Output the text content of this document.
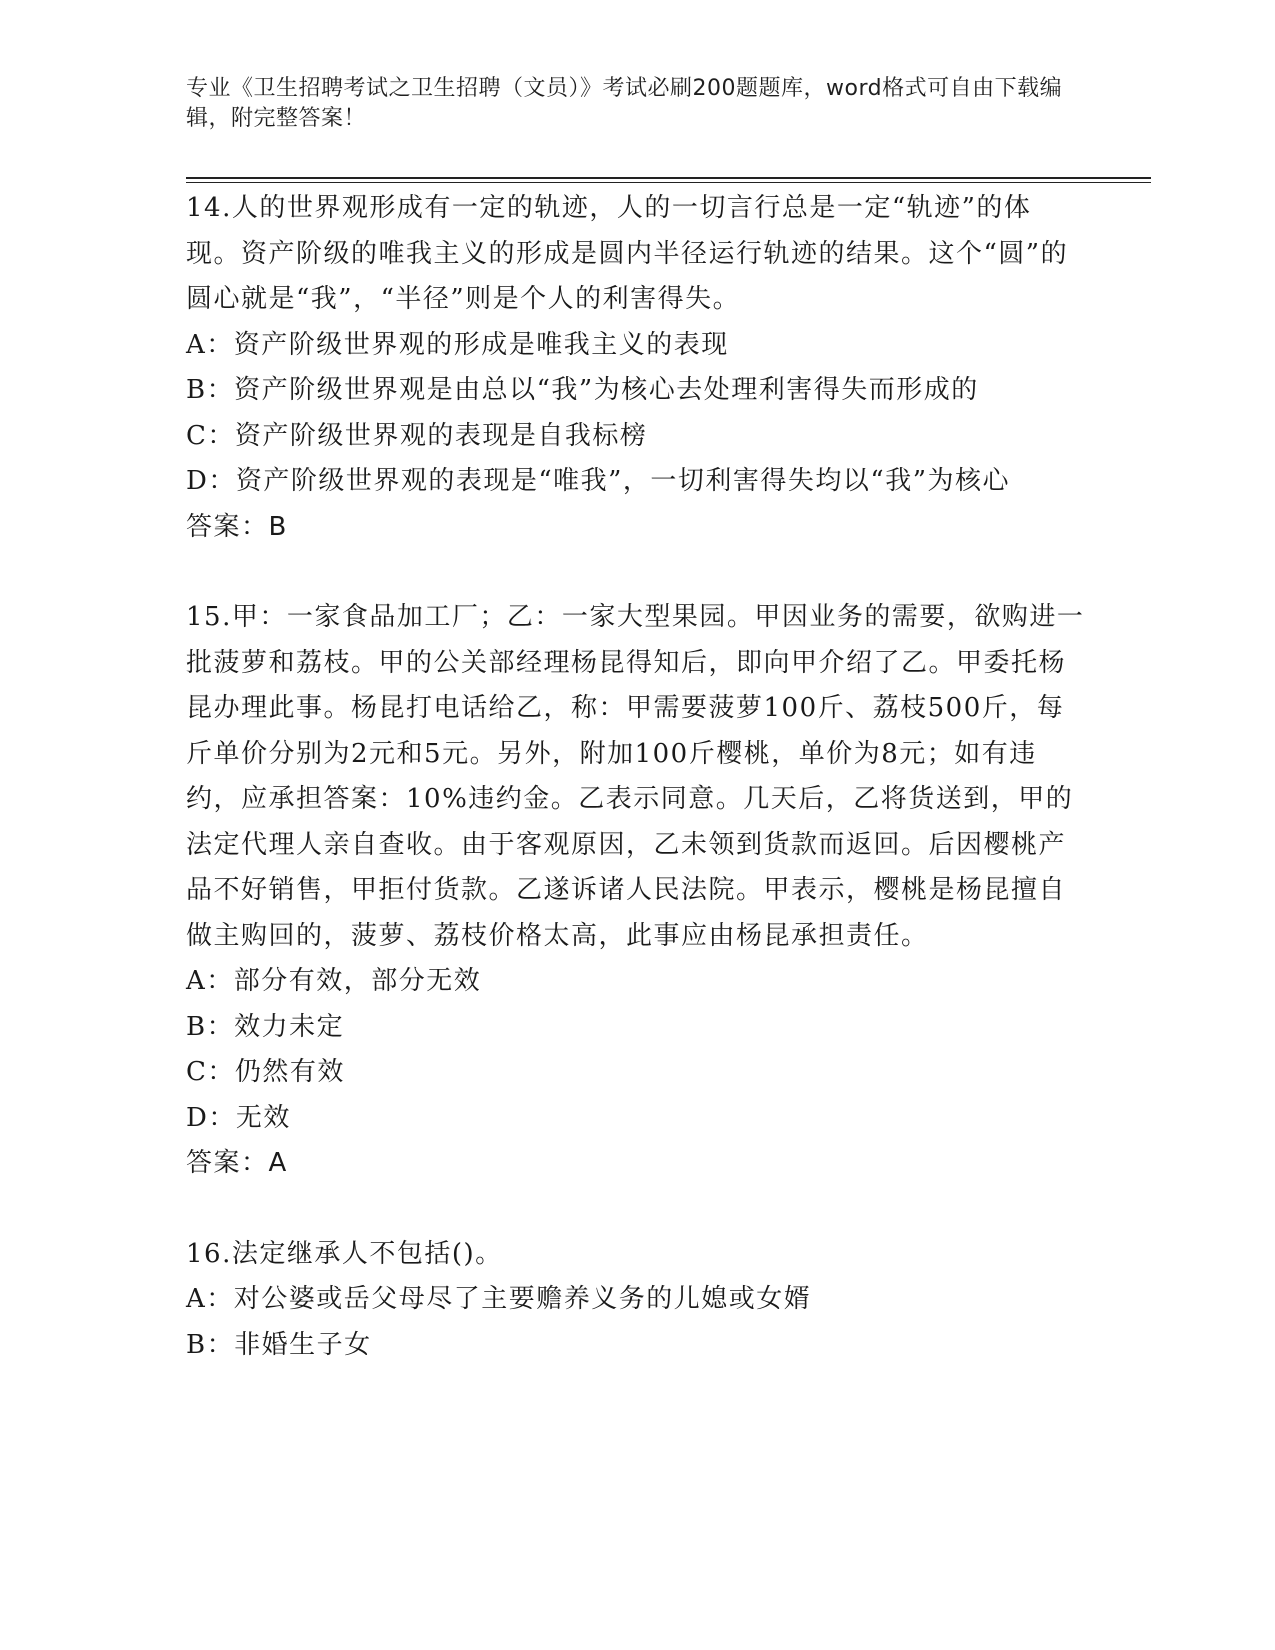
专业《卫生招聘考试之卫生招聘（文员）》考试必刷200题题库，word格式可自由下载编辑，附完整答案！

14.人的世界观形成有一定的轨迹，人的一切言行总是一定“轨迹”的体现。资产阶级的唯我主义的形成是圆内半径运行轨迹的结果。这个“圆”的圆心就是“我”，“半径”则是个人的利害得失。

A：资产阶级世界观的形成是唯我主义的表现

B：资产阶级世界观是由总以“我”为核心去处理利害得失而形成的

C：资产阶级世界观的表现是自我标榜

D：资产阶级世界观的表现是“唯我”，一切利害得失均以“我”为核心

答案：B

15.甲：一家食品加工厂；乙：一家大型果园。甲因业务的需要，欲购进一批菠萝和荔枝。甲的公关部经理杨昆得知后，即向甲介绍了乙。甲委托杨昆办理此事。杨昆打电话给乙，称：甲需要菠萝100斤、荔枝500斤，每斤单价分别为2元和5元。另外，附加100斤樱桃，单价为8元；如有违约，应承担答案：10%违约金。乙表示同意。几天后，乙将货送到，甲的法定代理人亲自查收。由于客观原因，乙未领到货款而返回。后因樱桃产品不好销售，甲拒付货款。乙遂诉诸人民法院。甲表示，樱桃是杨昆擅自做主购回的，菠萝、荔枝价格太高，此事应由杨昆承担责任。

A：部分有效，部分无效

B：效力未定

C：仍然有效

D：无效

答案：A

16.法定继承人不包括()。

A：对公婆或岳父母尽了主要赡养义务的儿媳或女婿

B：非婚生子女
